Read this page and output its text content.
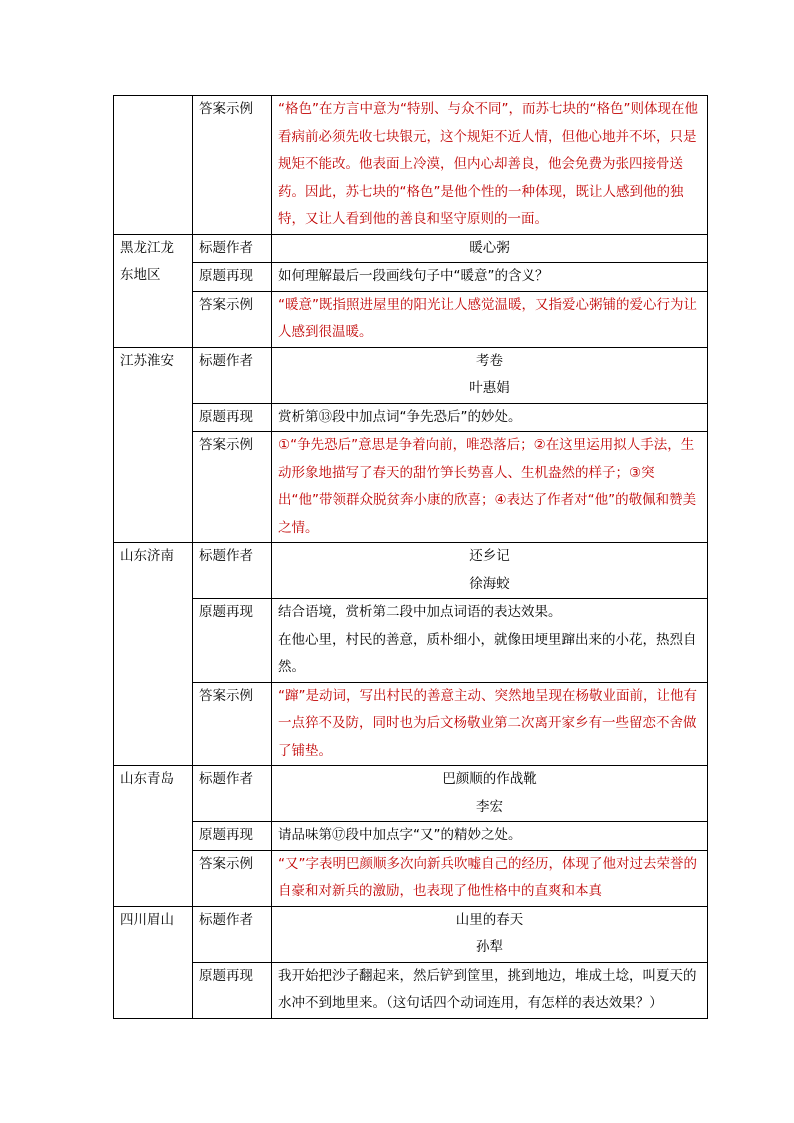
	答案示例	“格色”在方言中意为“特别、与众不同”，而苏七块的“格色”则体现在他看病前必须先收七块银元，这个规矩不近人情，但他心地并不坏，只是规矩不能改。他表面上冷漠，但内心却善良，他会免费为张四接骨送药。因此，苏七块的“格色”是他个性的一种体现，既让人感到他的独特，又让人看到他的善良和坚守原则的一面。
黑龙江龙东地区	标题作者	暖心粥

	原题再现	如何理解最后一段画线句子中“暖意”的含义？
	答案示例	“暖意”既指照进屋里的阳光让人感觉温暖，又指爱心粥铺的爱心行为让人感到很温暖。
江苏淮安	标题作者	考卷
叶惠娟

	原题再现	赏析第⑬段中加点词“争先恐后”的妙处。
	答案示例	①“争先恐后”意思是争着向前，唯恐落后；②在这里运用拟人手法，生动形象地描写了春天的甜竹笋长势喜人、生机盎然的样子；③突出“他”带领群众脱贫奔小康的欣喜；④表达了作者对“他”的敬佩和赞美之情。
山东济南	标题作者	还乡记
徐海蛟

	原题再现	结合语境，赏析第二段中加点词语的表达效果。
在他心里，村民的善意，质朴细小，就像田埂里蹿出来的小花，热烈自然。

	答案示例	“蹿”是动词，写出村民的善意主动、突然地呈现在杨敬业面前，让他有一点猝不及防，同时也为后文杨敬业第二次离开家乡有一些留恋不舍做了铺垫。
山东青岛	标题作者	巴颜顺的作战靴
李宏

	原题再现	请品味第⑰段中加点字“又”的精妙之处。
	答案示例	“又”字表明巴颜顺多次向新兵吹嘘自己的经历，体现了他对过去荣誉的自豪和对新兵的激励，也表现了他性格中的直爽和本真
四川眉山	标题作者	山里的春天
孙犁

	原题再现	我开始把沙子翻起来，然后铲到筐里，挑到地边，堆成土埝，叫夏天的水冲不到地里来。（这句话四个动词连用，有怎样的表达效果？）
